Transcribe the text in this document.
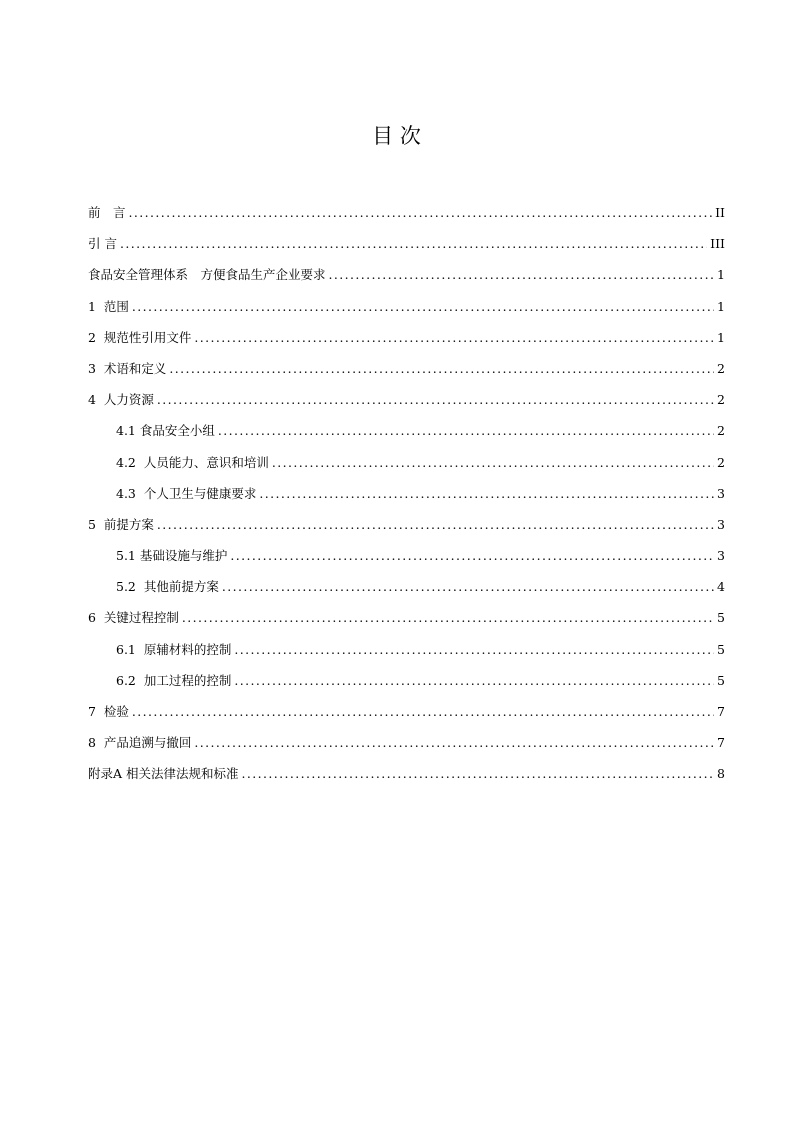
目 次
前　言 .....	II
引 言 .....	III
食品安全管理体系　方便食品生产企业要求 .....	1
1  范围 .....	1
2  规范性引用文件 .....	1
3  术语和定义 .....	2
4  人力资源 .....	2
4.1 食品安全小组 .....	2
4.2  人员能力、意识和培训 .....	2
4.3  个人卫生与健康要求 .....	3
5  前提方案 .....	3
5.1 基础设施与维护 .....	3
5.2  其他前提方案 .....	4
6  关键过程控制 .....	5
6.1  原辅材料的控制 .....	5
6.2  加工过程的控制 .....	5
7  检验 .....	7
8  产品追溯与撤回 .....	7
附录A 相关法律法规和标准 .....	8
